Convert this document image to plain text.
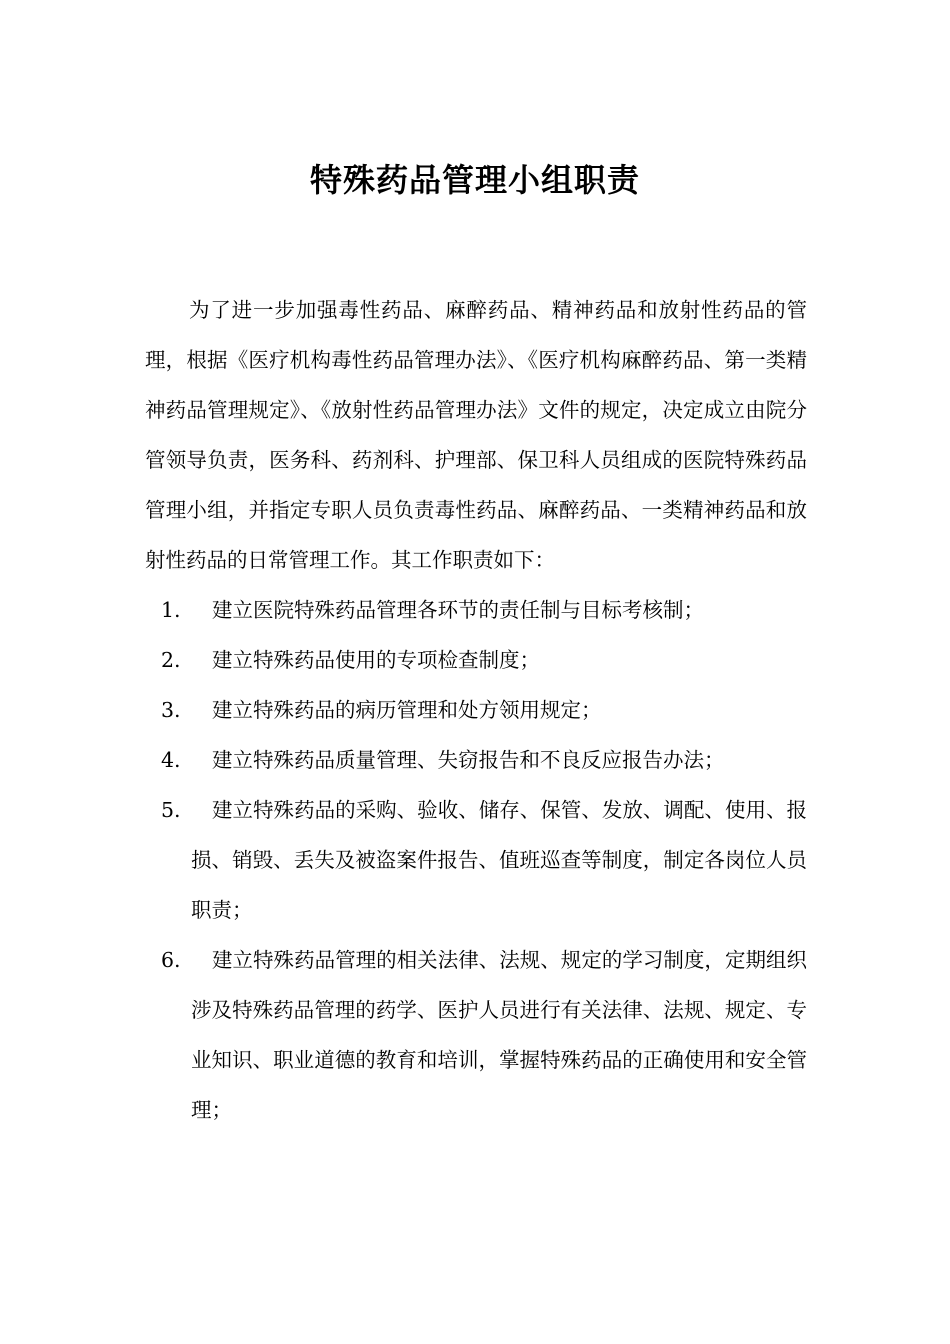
特殊药品管理小组职责

为了进一步加强毒性药品、麻醉药品、精神药品和放射性药品的管理，根据《医疗机构毒性药品管理办法》、《医疗机构麻醉药品、第一类精神药品管理规定》、《放射性药品管理办法》文件的规定，决定成立由院分管领导负责，医务科、药剂科、护理部、保卫科人员组成的医院特殊药品管理小组，并指定专职人员负责毒性药品、麻醉药品、一类精神药品和放射性药品的日常管理工作。其工作职责如下：

1.	建立医院特殊药品管理各环节的责任制与目标考核制；
2.	建立特殊药品使用的专项检查制度；
3.	建立特殊药品的病历管理和处方领用规定；
4.	建立特殊药品质量管理、失窃报告和不良反应报告办法；
5.	建立特殊药品的采购、验收、储存、保管、发放、调配、使用、报损、销毁、丢失及被盗案件报告、值班巡查等制度，制定各岗位人员职责；
6.	建立特殊药品管理的相关法律、法规、规定的学习制度，定期组织涉及特殊药品管理的药学、医护人员进行有关法律、法规、规定、专业知识、职业道德的教育和培训，掌握特殊药品的正确使用和安全管理；
